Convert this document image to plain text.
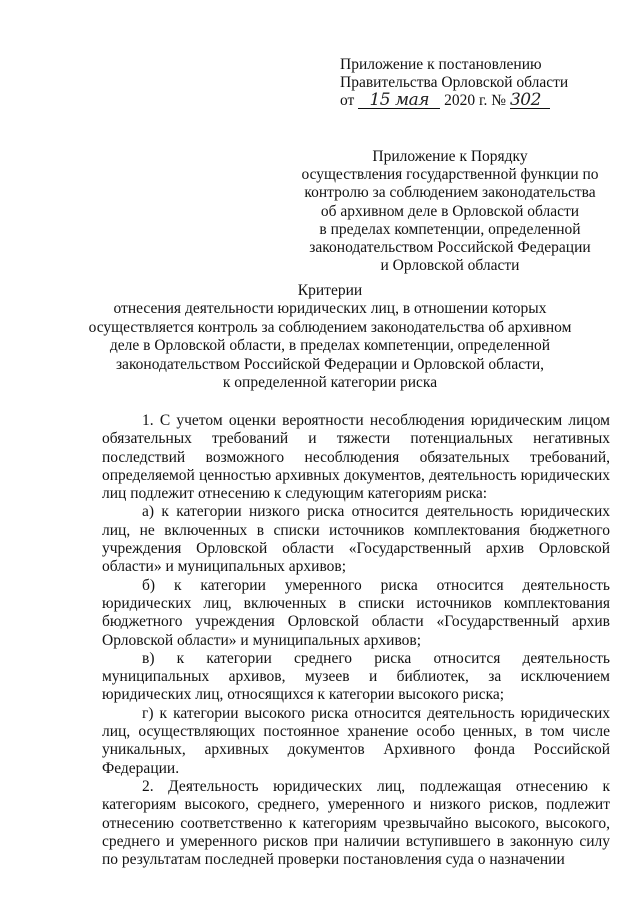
Приложение к постановлению
Правительства Орловской области
от 15 мая 2020 г. № 302
Приложение к Порядку
осуществления государственной функции по
контролю за соблюдением законодательства
об архивном деле в Орловской области
в пределах компетенции, определенной
законодательством Российской Федерации
и Орловской области
Критерии
отнесения деятельности юридических лиц, в отношении которых
осуществляется контроль за соблюдением законодательства об архивном
деле в Орловской области, в пределах компетенции, определенной
законодательством Российской Федерации и Орловской области,
к определенной категории риска

1. С учетом оценки вероятности несоблюдения юридическим лицом обязательных требований и тяжести потенциальных негативных последствий возможного несоблюдения обязательных требований, определяемой ценностью архивных документов, деятельность юридических лиц подлежит отнесению к следующим категориям риска:

а) к категории низкого риска относится деятельность юридических лиц, не включенных в списки источников комплектования бюджетного учреждения Орловской области «Государственный архив Орловской области» и муниципальных архивов;

б) к категории умеренного риска относится деятельность юридических лиц, включенных в списки источников комплектования бюджетного учреждения Орловской области «Государственный архив Орловской области» и муниципальных архивов;

в) к категории среднего риска относится деятельность муниципальных архивов, музеев и библиотек, за исключением юридических лиц, относящихся к категории высокого риска;

г) к категории высокого риска относится деятельность юридических лиц, осуществляющих постоянное хранение особо ценных, в том числе уникальных, архивных документов Архивного фонда Российской Федерации.

2. Деятельность юридических лиц, подлежащая отнесению к категориям высокого, среднего, умеренного и низкого рисков, подлежит отнесению соответственно к категориям чрезвычайно высокого, высокого, среднего и умеренного рисков при наличии вступившего в законную силу по результатам последней проверки постановления суда о назначении
